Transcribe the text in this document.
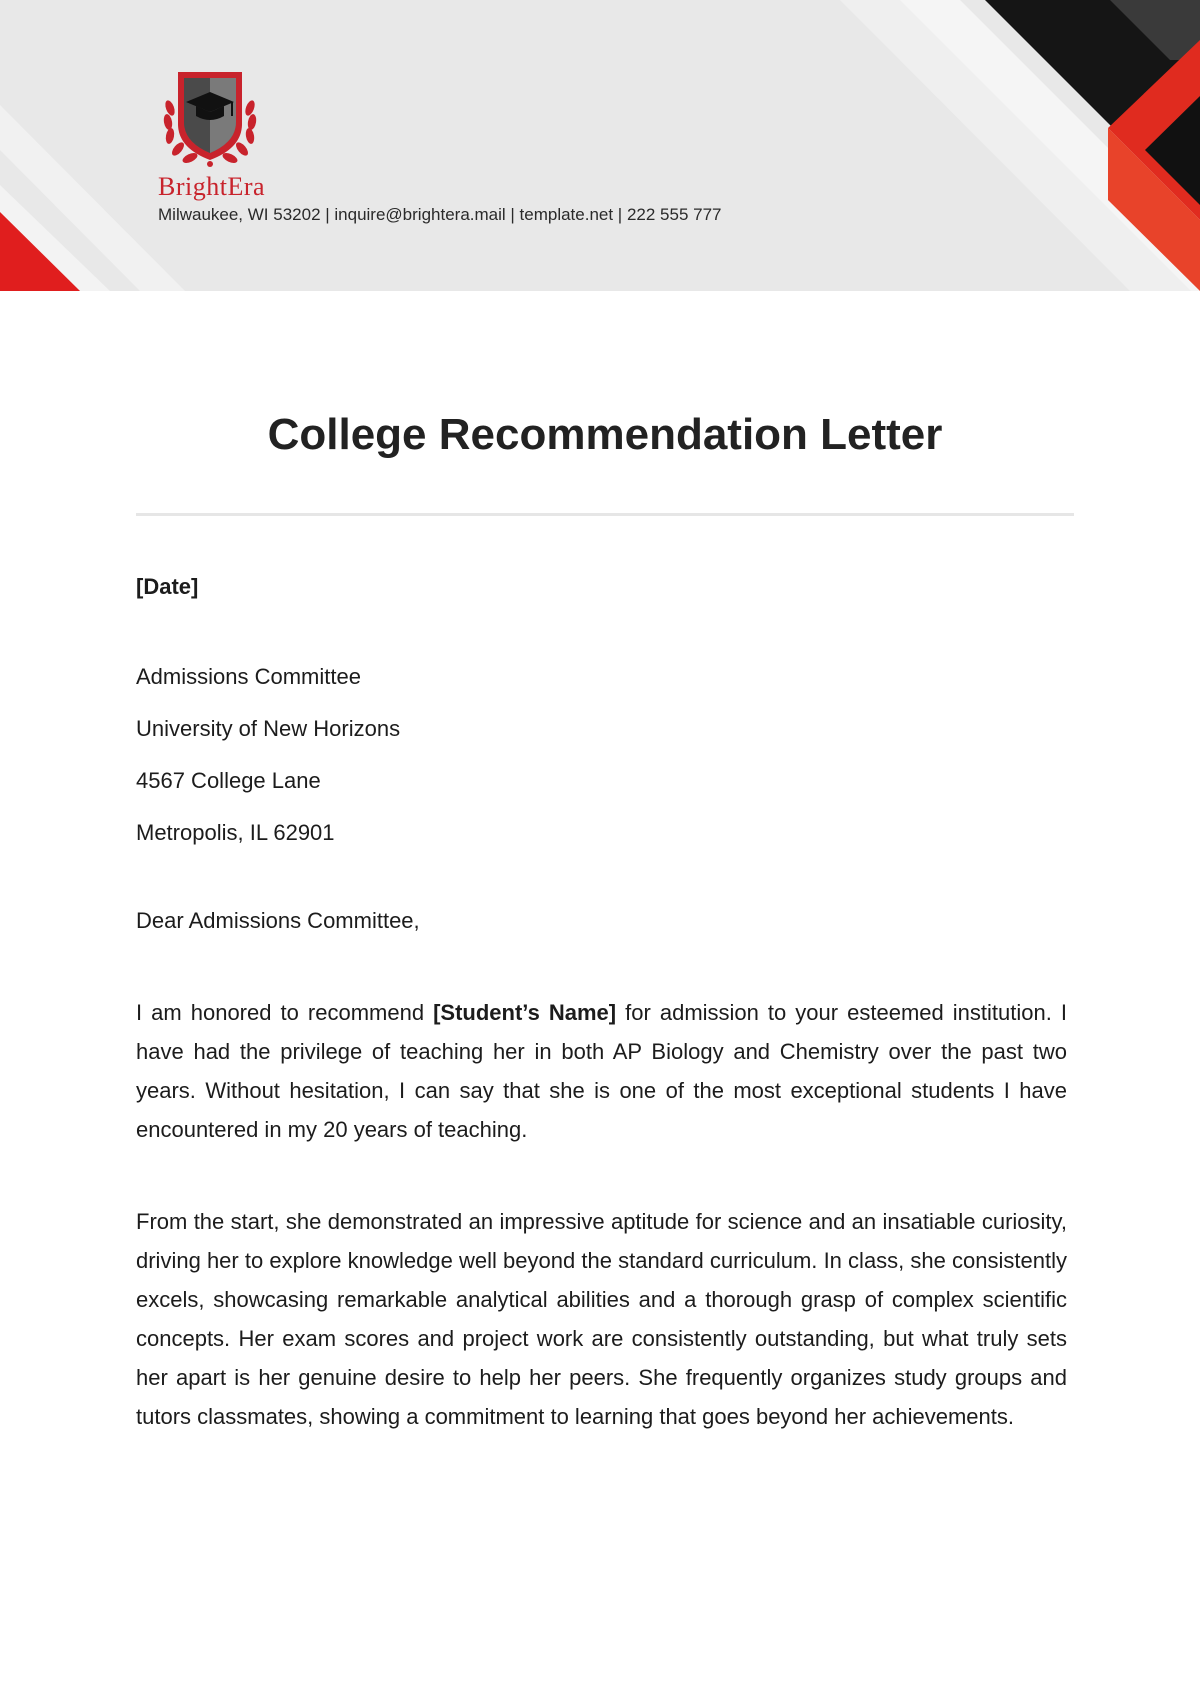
BrightEra
Milwaukee, WI 53202 | inquire@brightera.mail | template.net | 222 555 777
College Recommendation Letter
[Date]
Admissions Committee
University of New Horizons
4567 College Lane
Metropolis, IL 62901
Dear Admissions Committee,
I am honored to recommend [Student’s Name] for admission to your esteemed institution. I have had the privilege of teaching her in both AP Biology and Chemistry over the past two years. Without hesitation, I can say that she is one of the most exceptional students I have encountered in my 20 years of teaching.
From the start, she demonstrated an impressive aptitude for science and an insatiable curiosity, driving her to explore knowledge well beyond the standard curriculum. In class, she consistently excels, showcasing remarkable analytical abilities and a thorough grasp of complex scientific concepts. Her exam scores and project work are consistently outstanding, but what truly sets her apart is her genuine desire to help her peers. She frequently organizes study groups and tutors classmates, showing a commitment to learning that goes beyond her achievements.
